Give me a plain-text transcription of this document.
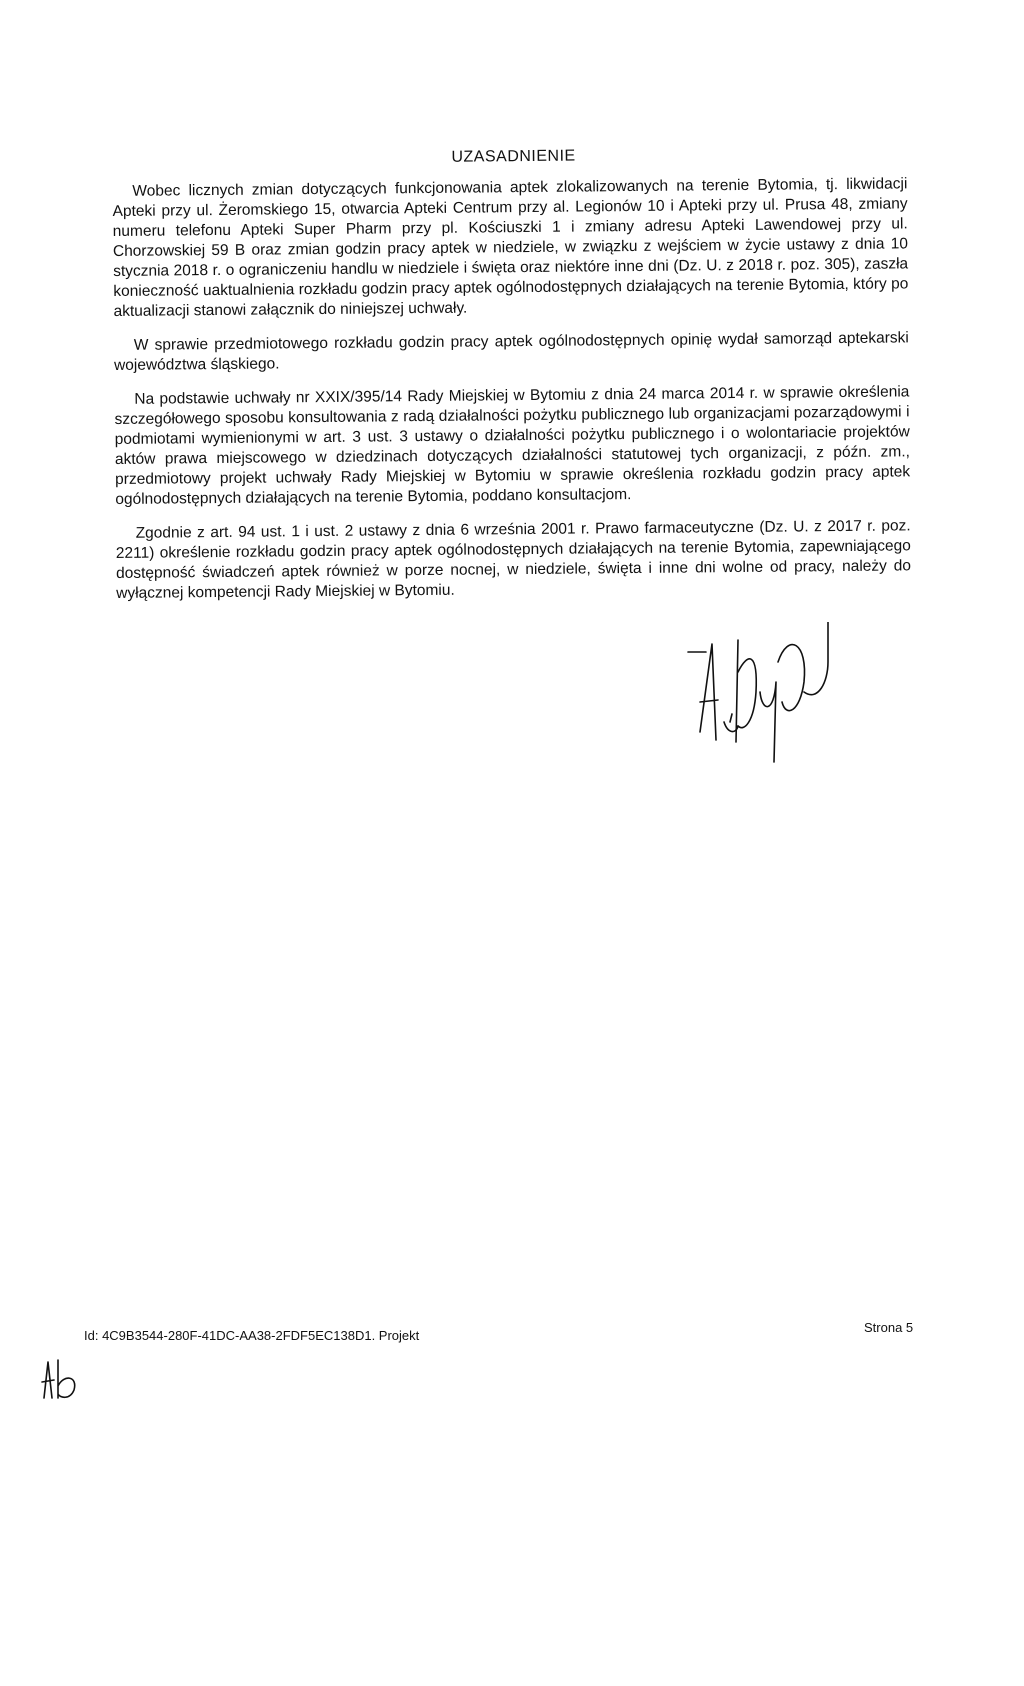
UZASADNIENIE

Wobec licznych zmian dotyczących funkcjonowania aptek zlokalizowanych na terenie Bytomia, tj. likwidacji Apteki przy ul. Żeromskiego 15, otwarcia Apteki Centrum przy al. Legionów 10 i Apteki przy ul. Prusa 48, zmiany numeru telefonu Apteki Super Pharm przy pl. Kościuszki 1 i zmiany adresu Apteki Lawendowej przy ul. Chorzowskiej 59 B oraz zmian godzin pracy aptek w niedziele, w związku z wejściem w życie ustawy z dnia 10 stycznia 2018 r. o ograniczeniu handlu w niedziele i święta oraz niektóre inne dni (Dz. U. z 2018 r. poz. 305), zaszła konieczność uaktualnienia rozkładu godzin pracy aptek ogólnodostępnych działających na terenie Bytomia, który po aktualizacji stanowi załącznik do niniejszej uchwały.

W sprawie przedmiotowego rozkładu godzin pracy aptek ogólnodostępnych opinię wydał samorząd aptekarski województwa śląskiego.

Na podstawie uchwały nr XXIX/395/14 Rady Miejskiej w Bytomiu z dnia 24 marca 2014 r. w sprawie określenia szczegółowego sposobu konsultowania z radą działalności pożytku publicznego lub organizacjami pozarządowymi i podmiotami wymienionymi w art. 3 ust. 3 ustawy o działalności pożytku publicznego i o wolontariacie projektów aktów prawa miejscowego w dziedzinach dotyczących działalności statutowej tych organizacji, z późn. zm., przedmiotowy projekt uchwały Rady Miejskiej w Bytomiu w sprawie określenia rozkładu godzin pracy aptek ogólnodostępnych działających na terenie Bytomia, poddano konsultacjom.

Zgodnie z art. 94 ust. 1 i ust. 2 ustawy z dnia 6 września 2001 r. Prawo farmaceutyczne (Dz. U. z 2017 r. poz. 2211) określenie rozkładu godzin pracy aptek ogólnodostępnych działających na terenie Bytomia, zapewniającego dostępność świadczeń aptek również w porze nocnej, w niedziele, święta i inne dni wolne od pracy, należy do wyłącznej kompetencji Rady Miejskiej w Bytomiu.

Id: 4C9B3544-280F-41DC-AA38-2FDF5EC138D1. Projekt
Strona 5
